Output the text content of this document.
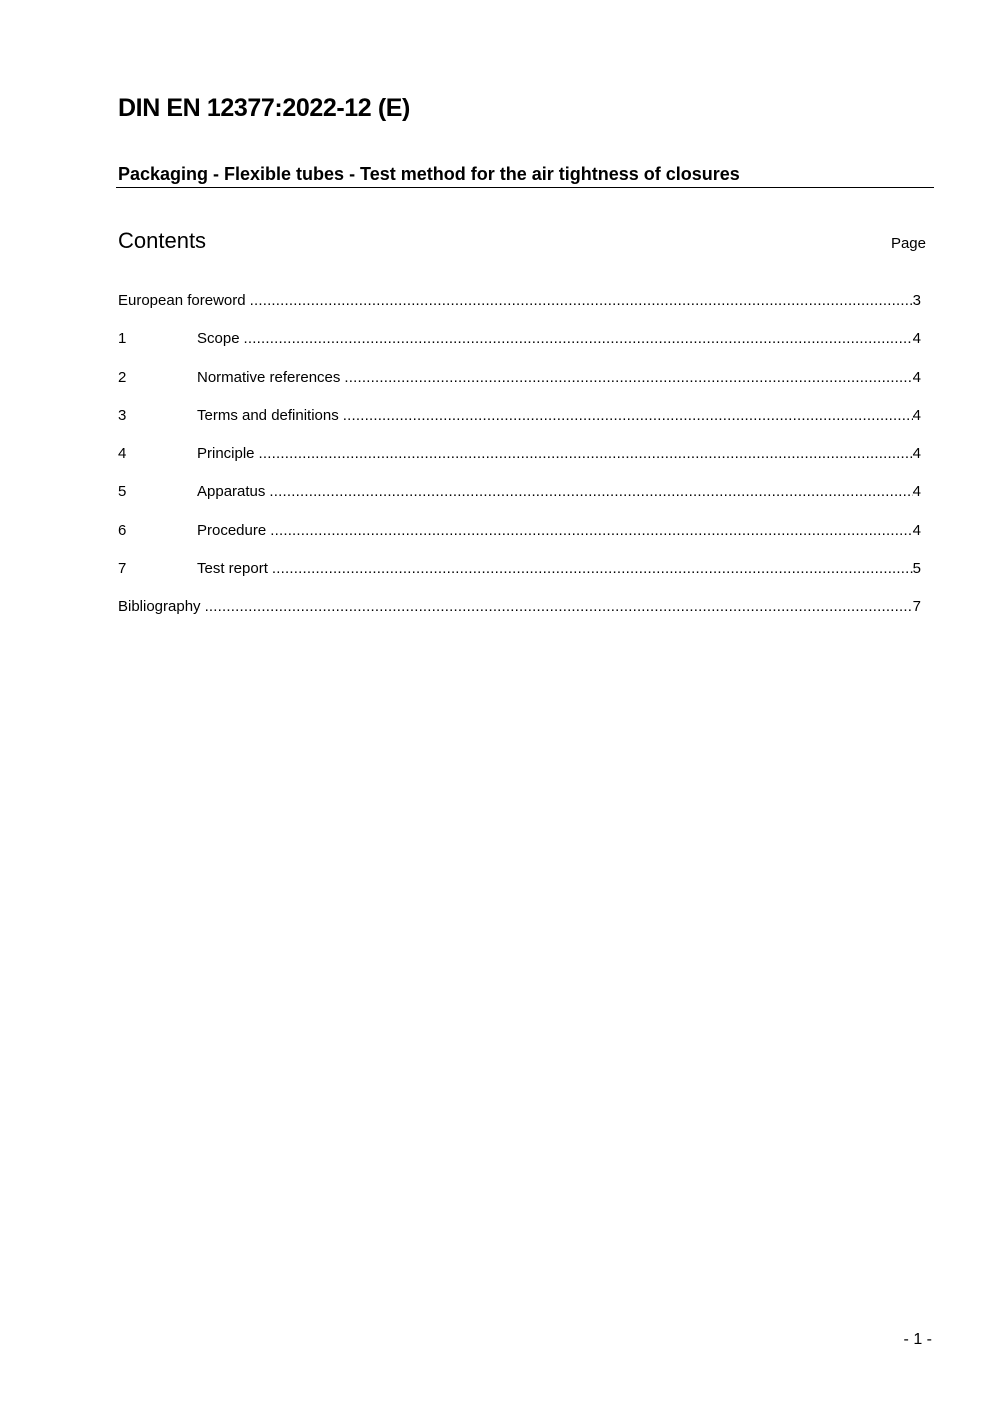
DIN EN 12377:2022-12 (E)
Packaging - Flexible tubes - Test method for the air tightness of closures
Contents	Page
European foreword .....	3
1	Scope .....	4
2	Normative references .....	4
3	Terms and definitions .....	4
4	Principle .....	4
5	Apparatus .....	4
6	Procedure .....	4
7	Test report .....	5
Bibliography .....	7
- 1 -
